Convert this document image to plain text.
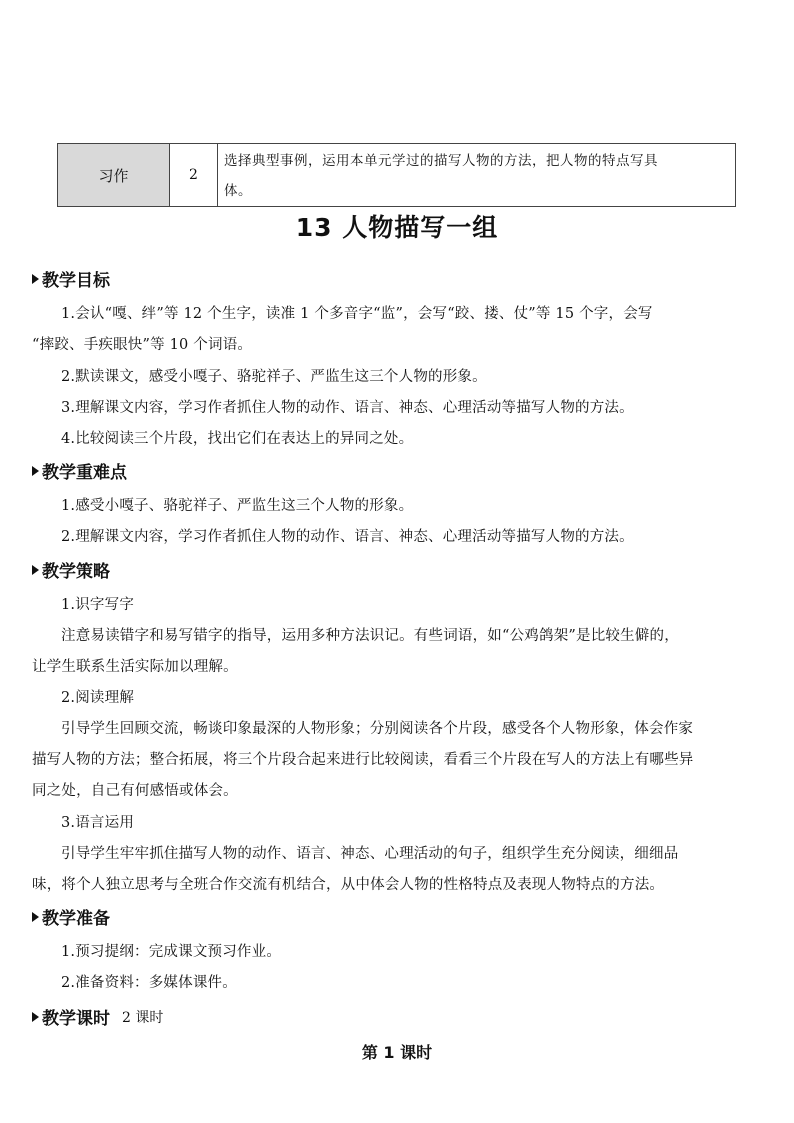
习作	2	选择典型事例，运用本单元学过的描写人物的方法，把人物的特点写具
体。
13 人物描写一组
教学目标
1.会认“嘎、绊”等 12 个生字，读准 1 个多音字“监”，会写“跤、搂、仗”等 15 个字，会写
“摔跤、手疾眼快”等 10 个词语。
2.默读课文，感受小嘎子、骆驼祥子、严监生这三个人物的形象。
3.理解课文内容，学习作者抓住人物的动作、语言、神态、心理活动等描写人物的方法。
4.比较阅读三个片段，找出它们在表达上的异同之处。
教学重难点
1.感受小嘎子、骆驼祥子、严监生这三个人物的形象。
2.理解课文内容，学习作者抓住人物的动作、语言、神态、心理活动等描写人物的方法。
教学策略
1.识字写字
注意易读错字和易写错字的指导，运用多种方法识记。有些词语，如“公鸡鸽架”是比较生僻的，
让学生联系生活实际加以理解。
2.阅读理解
引导学生回顾交流，畅谈印象最深的人物形象；分别阅读各个片段，感受各个人物形象，体会作家
描写人物的方法；整合拓展，将三个片段合起来进行比较阅读，看看三个片段在写人的方法上有哪些异
同之处，自己有何感悟或体会。
3.语言运用
引导学生牢牢抓住描写人物的动作、语言、神态、心理活动的句子，组织学生充分阅读，细细品
味，将个人独立思考与全班合作交流有机结合，从中体会人物的性格特点及表现人物特点的方法。
教学准备
1.预习提纲：完成课文预习作业。
2.准备资料：多媒体课件。
教学课时 2 课时
第 1 课时
